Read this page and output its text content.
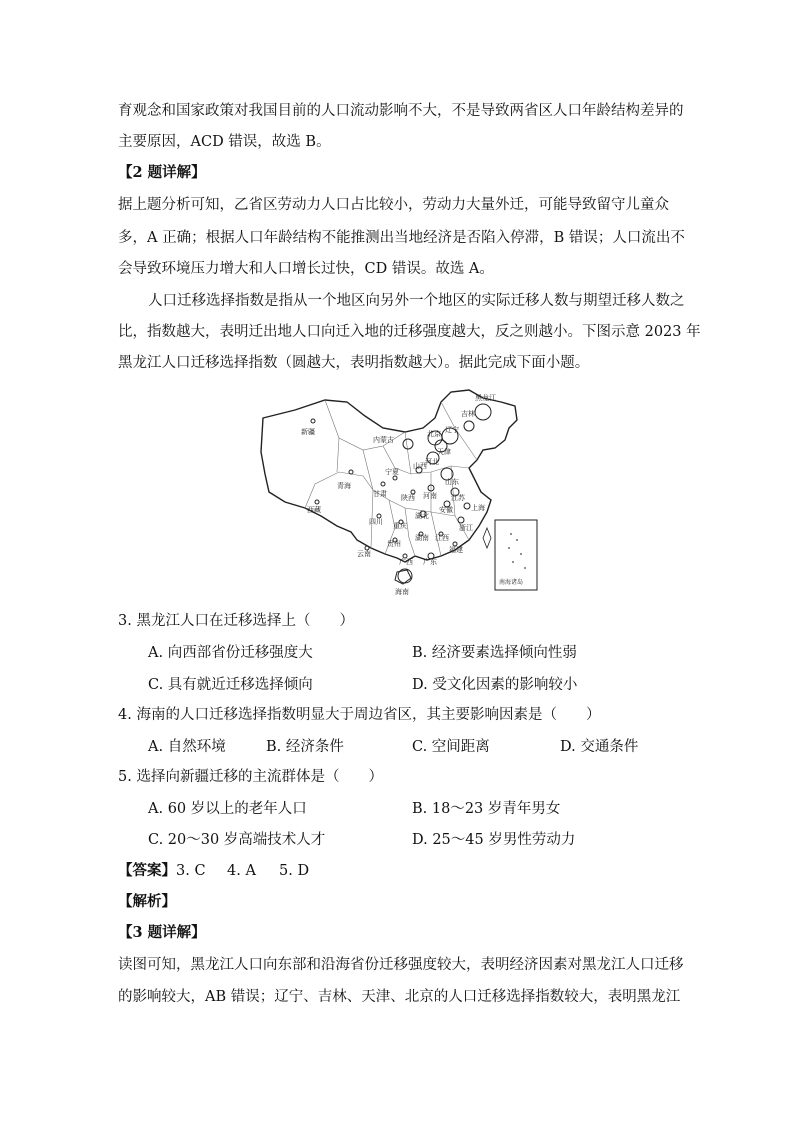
育观念和国家政策对我国目前的人口流动影响不大，不是导致两省区人口年龄结构差异的
主要原因，ACD 错误，故选 B。
【2 题详解】
据上题分析可知，乙省区劳动力人口占比较小，劳动力大量外迁，可能导致留守儿童众
多，A 正确；根据人口年龄结构不能推测出当地经济是否陷入停滞，B 错误；人口流出不
会导致环境压力增大和人口增长过快，CD 错误。故选 A。
人口迁移选择指数是指从一个地区向另外一个地区的实际迁移人数与期望迁移人数之
比，指数越大，表明迁出地人口向迁入地的迁移强度越大，反之则越小。下图示意 2023 年
黑龙江人口迁移选择指数（圆越大，表明指数越大）。据此完成下面小题。
黑龙江
吉林
辽宁
内蒙古
新疆
青海
甘肃
西藏
宁夏
陕西
山西
河北
北京
天津
山东
河南 江苏
上海
安徽
湖北
四川 重庆
湖南 江西
浙江
贵州
福建
云南
广西 广东
海南
南海诸岛
3. 黑龙江人口在迁移选择上（　　）
A. 向西部省份迁移强度大	B. 经济要素选择倾向性弱
C. 具有就近迁移选择倾向	D. 受文化因素的影响较小
4. 海南的人口迁移选择指数明显大于周边省区，其主要影响因素是（　　）
A. 自然环境	B. 经济条件	C. 空间距离	D. 交通条件
5. 选择向新疆迁移的主流群体是（　　）
A. 60 岁以上的老年人口	B. 18～23 岁青年男女
C. 20～30 岁高端技术人才	D. 25～45 岁男性劳动力
【答案】 3. C 4. A 5. D
【解析】
【3 题详解】
读图可知，黑龙江人口向东部和沿海省份迁移强度较大，表明经济因素对黑龙江人口迁移
的影响较大，AB 错误；辽宁、吉林、天津、北京的人口迁移选择指数较大，表明黑龙江
